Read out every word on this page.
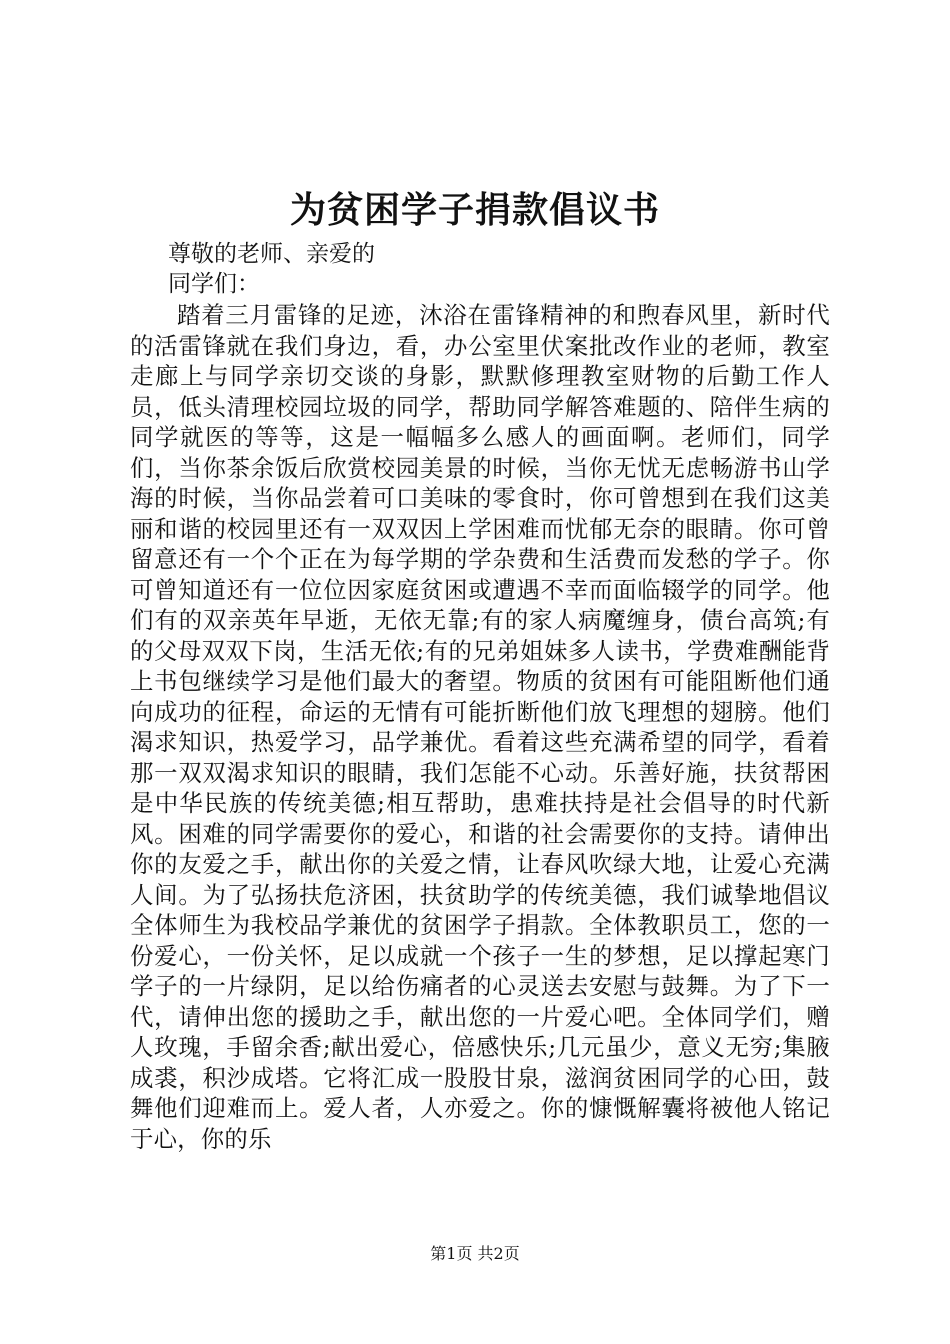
为贫困学子捐款倡议书
尊敬的老师、亲爱的
同学们：

踏着三月雷锋的足迹，沐浴在雷锋精神的和煦春风里，新时代的活雷锋就在我们身边，看，办公室里伏案批改作业的老师，教室走廊上与同学亲切交谈的身影，默默修理教室财物的后勤工作人员，低头清理校园垃圾的同学，帮助同学解答难题的、陪伴生病的同学就医的等等，这是一幅幅多么感人的画面啊。老师们，同学们，当你茶余饭后欣赏校园美景的时候，当你无忧无虑畅游书山学海的时候，当你品尝着可口美味的零食时，你可曾想到在我们这美丽和谐的校园里还有一双双因上学困难而忧郁无奈的眼睛。你可曾留意还有一个个正在为每学期的学杂费和生活费而发愁的学子。你可曾知道还有一位位因家庭贫困或遭遇不幸而面临辍学的同学。他们有的双亲英年早逝，无依无靠;有的家人病魔缠身，债台高筑;有的父母双双下岗，生活无依;有的兄弟姐妹多人读书，学费难酬能背上书包继续学习是他们最大的奢望。物质的贫困有可能阻断他们通向成功的征程，命运的无情有可能折断他们放飞理想的翅膀。他们渴求知识，热爱学习，品学兼优。看着这些充满希望的同学，看着那一双双渴求知识的眼睛，我们怎能不心动。乐善好施，扶贫帮困是中华民族的传统美德;相互帮助，患难扶持是社会倡导的时代新风。困难的同学需要你的爱心，和谐的社会需要你的支持。请伸出你的友爱之手，献出你的关爱之情，让春风吹绿大地，让爱心充满人间。为了弘扬扶危济困，扶贫助学的传统美德，我们诚挚地倡议全体师生为我校品学兼优的贫困学子捐款。全体教职员工，您的一份爱心，一份关怀，足以成就一个孩子一生的梦想，足以撑起寒门学子的一片绿阴，足以给伤痛者的心灵送去安慰与鼓舞。为了下一代，请伸出您的援助之手，献出您的一片爱心吧。全体同学们，赠人玫瑰，手留余香;献出爱心，倍感快乐;几元虽少，意义无穷;集腋成裘，积沙成塔。它将汇成一股股甘泉，滋润贫困同学的心田，鼓舞他们迎难而上。爱人者，人亦爱之。你的慷慨解囊将被他人铭记于心，你的乐

第1页 共2页
